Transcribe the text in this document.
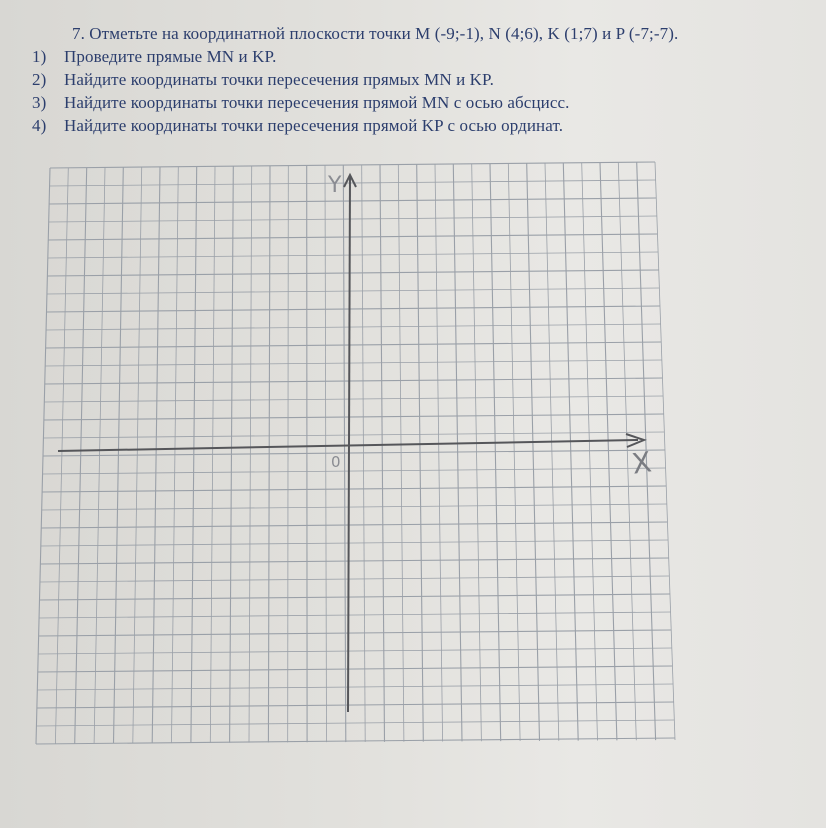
7. Отметьте на координатной плоскости точки M (-9;-1), N (4;6), K (1;7) и P (-7;-7).
1) Проведите прямые MN и KP.
2) Найдите координаты точки пересечения прямых MN и KP.
3) Найдите координаты точки пересечения прямой MN с осью абсцисс.
4) Найдите координаты точки пересечения прямой KP с осью ординат.
Y
X
0
